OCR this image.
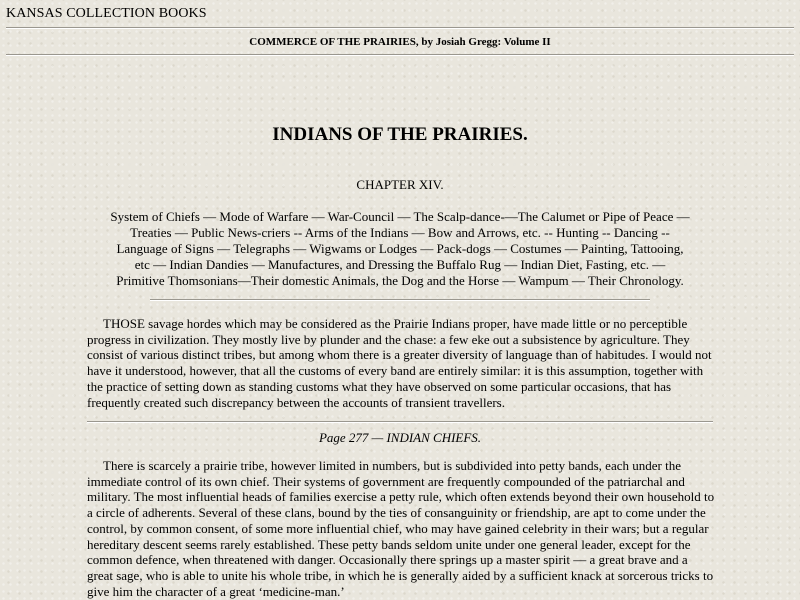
KANSAS COLLECTION BOOKS
COMMERCE OF THE PRAIRIES, by Josiah Gregg: Volume II
INDIANS OF THE PRAIRIES.
CHAPTER XIV.
System of Chiefs — Mode of Warfare — War-Council — The Scalp-dance-—The Calumet or Pipe of Peace — Treaties — Public News-criers -- Arms of the Indians — Bow and Arrows, etc. -- Hunting -- Dancing -- Language of Signs — Telegraphs — Wigwams or Lodges — Pack-dogs — Costumes — Painting, Tattooing, etc — Indian Dandies — Manufactures, and Dressing the Buffalo Rug — Indian Diet, Fasting, etc. — Primitive Thomsonians—Their domestic Animals, the Dog and the Horse — Wampum — Their Chronology.
THOSE savage hordes which may be considered as the Prairie Indians proper, have made little or no perceptible progress in civilization. They mostly live by plunder and the chase: a few eke out a subsistence by agriculture. They consist of various distinct tribes, but among whom there is a greater diversity of language than of habitudes. I would not have it understood, however, that all the customs of every band are entirely similar: it is this assumption, together with the practice of setting down as standing customs what they have observed on some particular occasions, that has frequently created such discrepancy between the accounts of transient travellers.
Page 277 — INDIAN CHIEFS.
There is scarcely a prairie tribe, however limited in numbers, but is subdivided into petty bands, each under the immediate control of its own chief. Their systems of government are frequently compounded of the patriarchal and military. The most influential heads of families exercise a petty rule, which often extends beyond their own household to a circle of adherents. Several of these clans, bound by the ties of consanguinity or friendship, are apt to come under the control, by common consent, of some more influential chief, who may have gained celebrity in their wars; but a regular hereditary descent seems rarely established. These petty bands seldom unite under one general leader, except for the common defence, when threatened with danger. Occasionally there springs up a master spirit — a great brave and a great sage, who is able to unite his whole tribe, in which he is generally aided by a sufficient knack at sorcerous tricks to give him the character of a great ‘medicine-man.’
